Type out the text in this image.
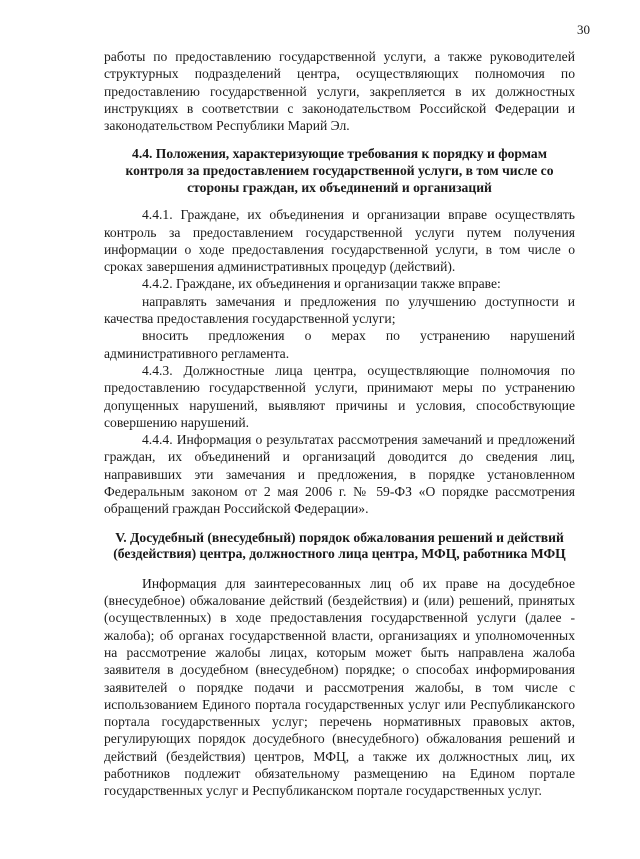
30

работы по предоставлению государственной услуги, а также руководителей структурных подразделений центра, осуществляющих полномочия по предоставлению государственной услуги, закрепляется в их должностных инструкциях в соответствии с законодательством Российской Федерации и законодательством Республики Марий Эл.

4.4. Положения, характеризующие требования к порядку и формам контроля за предоставлением государственной услуги, в том числе со стороны граждан, их объединений и организаций

4.4.1. Граждане, их объединения и организации вправе осуществлять контроль за предоставлением государственной услуги путем получения информации о ходе предоставления государственной услуги, в том числе о сроках завершения административных процедур (действий).

4.4.2. Граждане, их объединения и организации также вправе:

направлять замечания и предложения по улучшению доступности и качества предоставления государственной услуги;

вносить предложения о мерах по устранению нарушений административного регламента.

4.4.3. Должностные лица центра, осуществляющие полномочия по предоставлению государственной услуги, принимают меры по устранению допущенных нарушений, выявляют причины и условия, способствующие совершению нарушений.

4.4.4. Информация о результатах рассмотрения замечаний и предложений граждан, их объединений и организаций доводится до сведения лиц, направивших эти замечания и предложения, в порядке установленном Федеральным законом от 2 мая 2006 г. № 59-ФЗ «О порядке рассмотрения обращений граждан Российской Федерации».

V. Досудебный (внесудебный) порядок обжалования решений и действий (бездействия) центра, должностного лица центра, МФЦ, работника МФЦ

Информация для заинтересованных лиц об их праве на досудебное (внесудебное) обжалование действий (бездействия) и (или) решений, принятых (осуществленных) в ходе предоставления государственной услуги (далее - жалоба); об органах государственной власти, организациях и уполномоченных на рассмотрение жалобы лицах, которым может быть направлена жалоба заявителя в досудебном (внесудебном) порядке; о способах информирования заявителей о порядке подачи и рассмотрения жалобы, в том числе с использованием Единого портала государственных услуг или Республиканского портала государственных услуг; перечень нормативных правовых актов, регулирующих порядок досудебного (внесудебного) обжалования решений и действий (бездействия) центров, МФЦ, а также их должностных лиц, их работников подлежит обязательному размещению на Едином портале государственных услуг и Республиканском портале государственных услуг.
